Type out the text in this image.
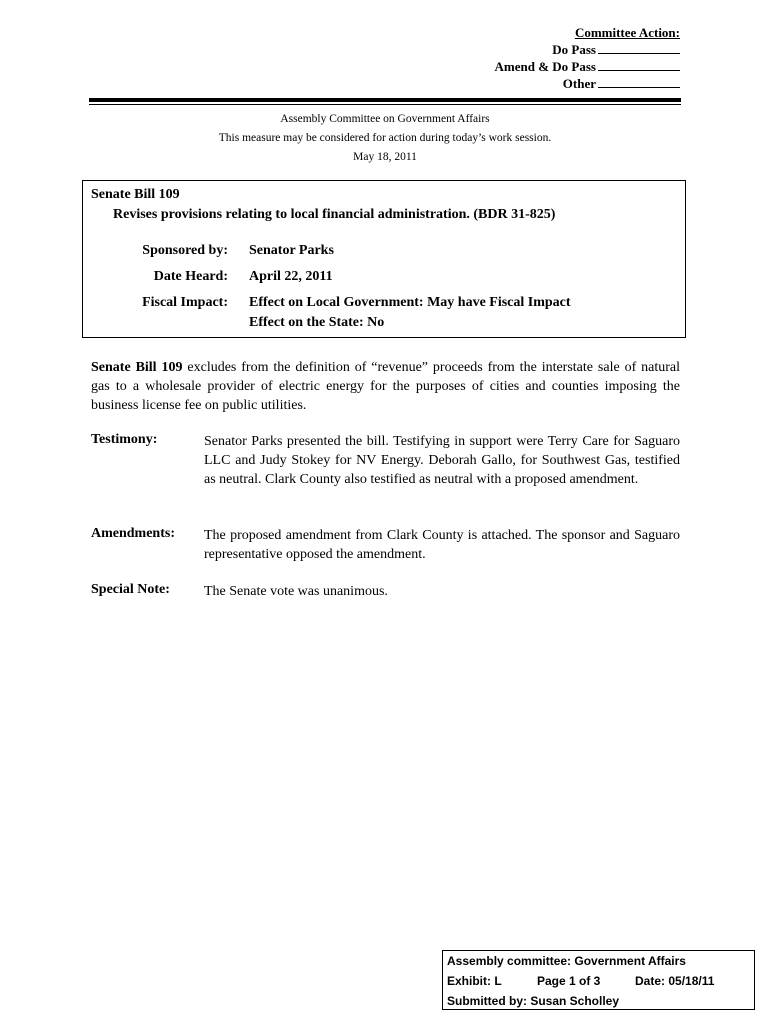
Committee Action:
Do Pass
Amend & Do Pass
Other
Assembly Committee on Government Affairs
This measure may be considered for action during today’s work session.
May 18, 2011
Senate Bill 109
Revises provisions relating to local financial administration. (BDR 31-825)
Sponsored by: Senator Parks
Date Heard: April 22, 2011
Fiscal Impact: Effect on Local Government: May have Fiscal Impact
Effect on the State: No
Senate Bill 109 excludes from the definition of “revenue” proceeds from the interstate sale of natural gas to a wholesale provider of electric energy for the purposes of cities and counties imposing the business license fee on public utilities.
Testimony:	Senator Parks presented the bill. Testifying in support were Terry Care for Saguaro LLC and Judy Stokey for NV Energy. Deborah Gallo, for Southwest Gas, testified as neutral. Clark County also testified as neutral with a proposed amendment.
Amendments: The proposed amendment from Clark County is attached. The sponsor and Saguaro representative opposed the amendment.
Special Note: The Senate vote was unanimous.
Assembly committee: Government Affairs
Exhibit: L	Page 1 of 3	Date: 05/18/11
Submitted by: Susan Scholley
